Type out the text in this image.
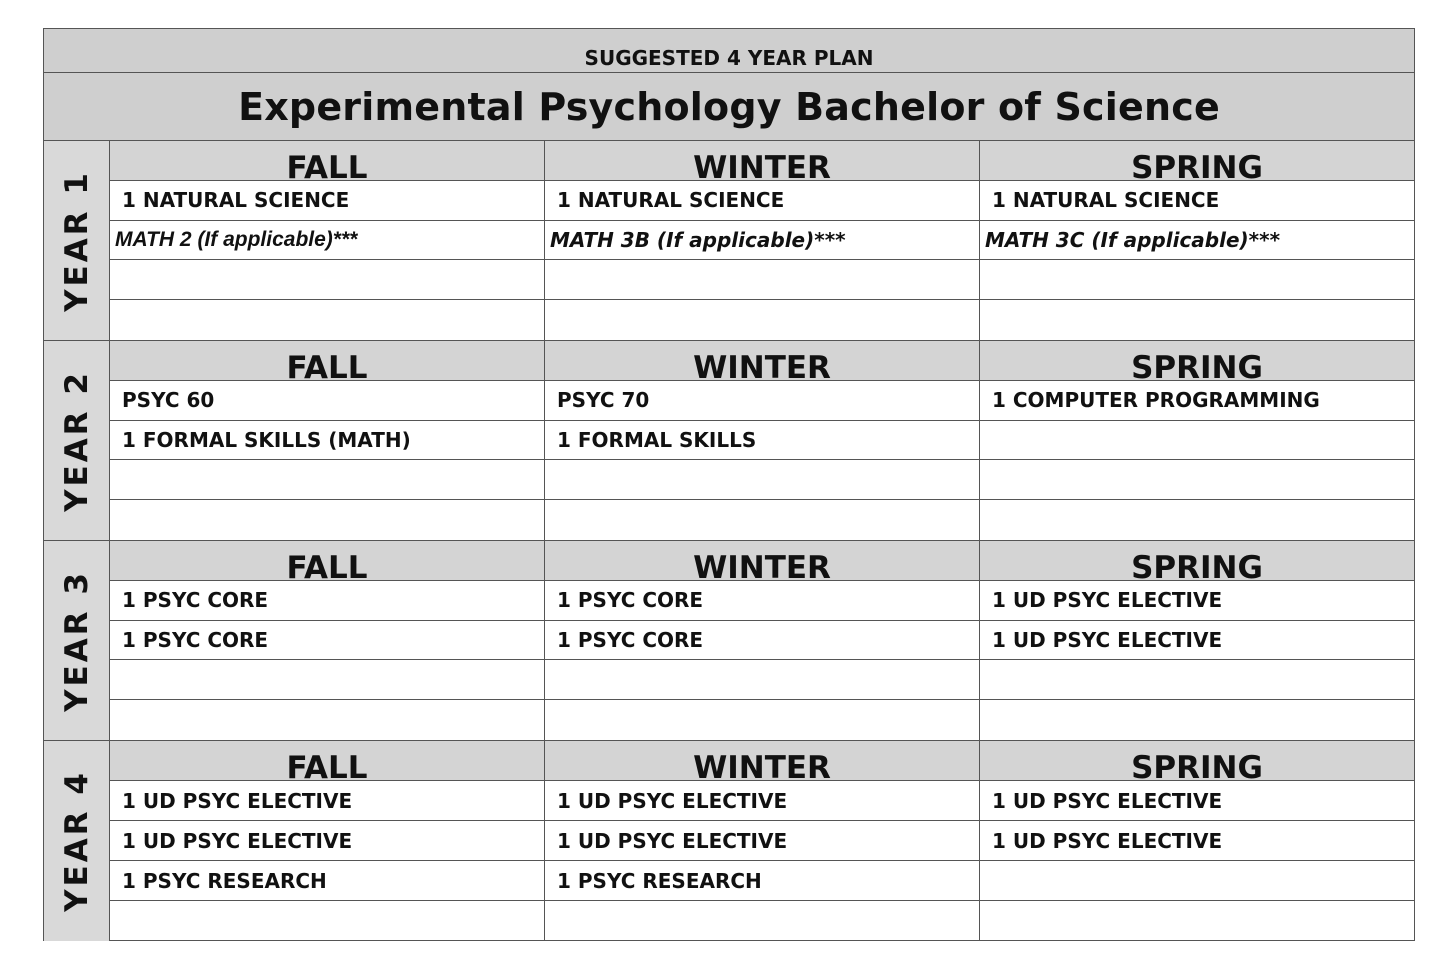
SUGGESTED 4 YEAR PLAN
Experimental Psychology Bachelor of Science
YEAR 1
FALL
1 NATURAL SCIENCE
MATH 2 (If applicable)***
WINTER
1 NATURAL SCIENCE
MATH 3B (If applicable)***
SPRING
1 NATURAL SCIENCE
MATH 3C (If applicable)***
YEAR 2
FALL
PSYC 60
1 FORMAL SKILLS (MATH)
WINTER
PSYC 70
1 FORMAL SKILLS
SPRING
1 COMPUTER PROGRAMMING
YEAR 3
FALL
1 PSYC CORE
1 PSYC CORE
WINTER
1 PSYC CORE
1 PSYC CORE
SPRING
1 UD PSYC ELECTIVE
1 UD PSYC ELECTIVE
YEAR 4
FALL
1 UD PSYC ELECTIVE
1 UD PSYC ELECTIVE
1 PSYC RESEARCH
WINTER
1 UD PSYC ELECTIVE
1 UD PSYC ELECTIVE
1 PSYC RESEARCH
SPRING
1 UD PSYC ELECTIVE
1 UD PSYC ELECTIVE
